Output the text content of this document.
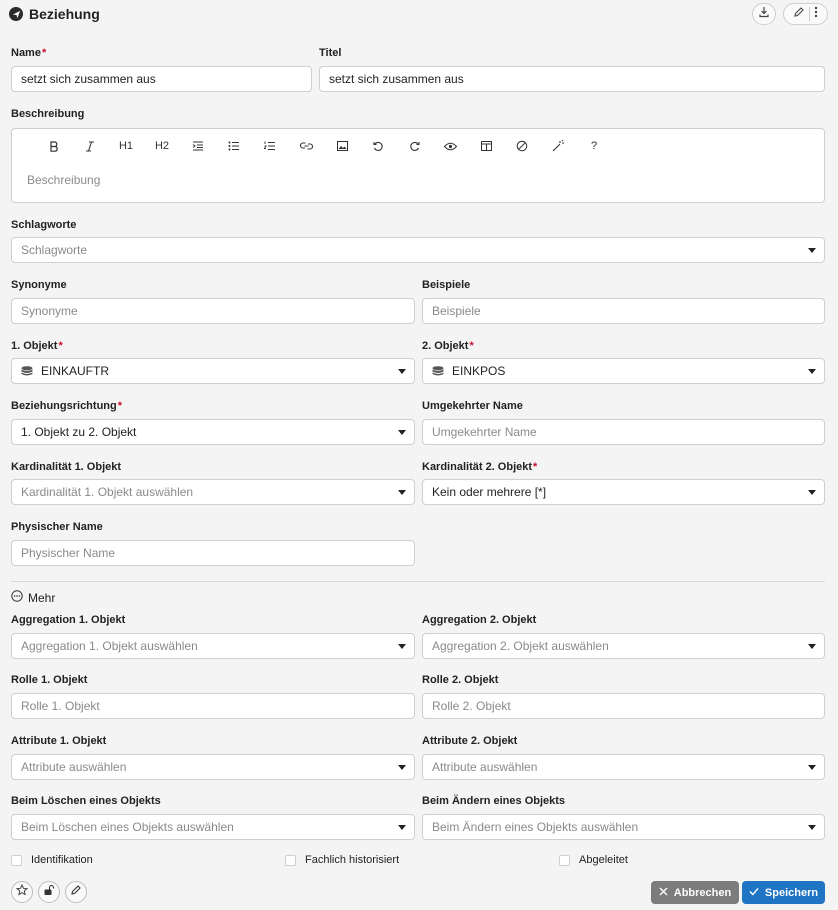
Beziehung
Name*
setzt sich zusammen aus
Titel
setzt sich zusammen aus
Beschreibung
H1	H2	?
Beschreibung
Schlagworte
Schlagworte
Synonyme
Synonyme
Beispiele
Beispiele
1. Objekt*
EINKAUFTR
2. Objekt*
EINKPOS
Beziehungsrichtung*
1. Objekt zu 2. Objekt
Umgekehrter Name
Umgekehrter Name
Kardinalität 1. Objekt
Kardinalität 1. Objekt auswählen
Kardinalität 2. Objekt*
Kein oder mehrere [*]
Physischer Name
Physischer Name
Mehr
Aggregation 1. Objekt
Aggregation 1. Objekt auswählen
Aggregation 2. Objekt
Aggregation 2. Objekt auswählen
Rolle 1. Objekt
Rolle 1. Objekt
Rolle 2. Objekt
Rolle 2. Objekt
Attribute 1. Objekt
Attribute auswählen
Attribute 2. Objekt
Attribute auswählen
Beim Löschen eines Objekts
Beim Löschen eines Objekts auswählen
Beim Ändern eines Objekts
Beim Ändern eines Objekts auswählen
Identifikation	Fachlich historisiert	Abgeleitet
Abbrechen	Speichern
